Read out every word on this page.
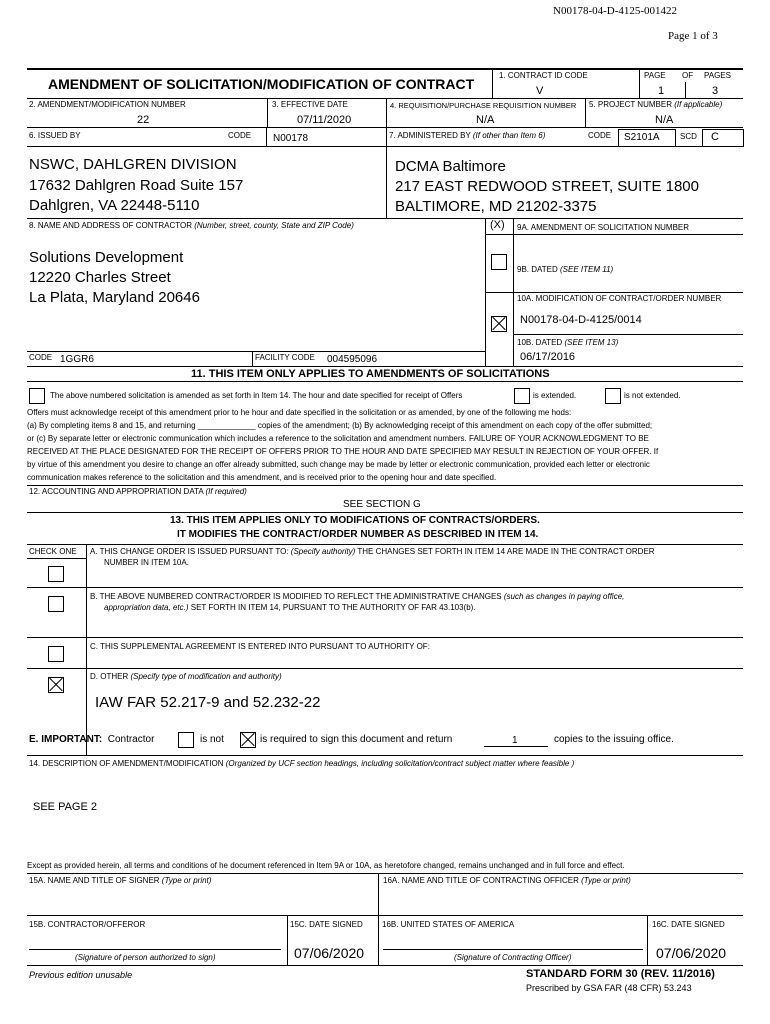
N00178-04-D-4125-001422
Page 1 of 3
AMENDMENT OF SOLICITATION/MODIFICATION OF CONTRACT
1. CONTRACT ID CODE
V
PAGE OF PAGES
1	3
2. AMENDMENT/MODIFICATION NUMBER
22
3. EFFECTIVE DATE
07/11/2020
4. REQUISITION/PURCHASE REQUISITION NUMBER
N/A
5. PROJECT NUMBER (If applicable)
N/A
6. ISSUED BY	CODE N00178	7. ADMINISTERED BY (If other than Item 6)	CODE S2101A	SCD C
NSWC, DAHLGREN DIVISION
17632 Dahlgren Road Suite 157
Dahlgren, VA 22448-5110
DCMA Baltimore
217 EAST REDWOOD STREET, SUITE 1800
BALTIMORE, MD 21202-3375
8. NAME AND ADDRESS OF CONTRACTOR (Number, street, county, State and ZIP Code)
Solutions Development
12220 Charles Street
La Plata, Maryland 20646
(X) 9A. AMENDMENT OF SOLICITATION NUMBER
9B. DATED (SEE ITEM 11)
10A. MODIFICATION OF CONTRACT/ORDER NUMBER
N00178-04-D-4125/0014
10B. DATED (SEE ITEM 13)
06/17/2016
CODE 1GGR6	FACILITY CODE 004595096
11. THIS ITEM ONLY APPLIES TO AMENDMENTS OF SOLICITATIONS
The above numbered solicitation is amended as set forth in Item 14. The hour and date specified for receipt of Offers	is extended.	is not extended.
Offers must acknowledge receipt of this amendment prior to he hour and date specified in the solicitation or as amended, by one of the following me hods:
(a) By completing items 8 and 15, and returning _____________ copies of the amendment; (b) By acknowledging receipt of this amendment on each copy of the offer submitted;
or (c) By separate letter or electronic communication which includes a reference to the solicitation and amendment numbers. FAILURE OF YOUR ACKNOWLEDGMENT TO BE
RECEIVED AT THE PLACE DESIGNATED FOR THE RECEIPT OF OFFERS PRIOR TO THE HOUR AND DATE SPECIFIED MAY RESULT IN REJECTION OF YOUR OFFER. If
by virtue of this amendment you desire to change an offer already submitted, such change may be made by letter or electronic communication, provided each letter or electronic
communication makes reference to the solicitation and this amendment, and is received prior to the opening hour and date specified.
12. ACCOUNTING AND APPROPRIATION DATA (If required)
SEE SECTION G
13. THIS ITEM APPLIES ONLY TO MODIFICATIONS OF CONTRACTS/ORDERS.
IT MODIFIES THE CONTRACT/ORDER NUMBER AS DESCRIBED IN ITEM 14.
CHECK ONE A. THIS CHANGE ORDER IS ISSUED PURSUANT TO: (Specify authority) THE CHANGES SET FORTH IN ITEM 14 ARE MADE IN THE CONTRACT ORDER
NUMBER IN ITEM 10A.
B. THE ABOVE NUMBERED CONTRACT/ORDER IS MODIFIED TO REFLECT THE ADMINISTRATIVE CHANGES (such as changes in paying office,
appropriation data, etc.) SET FORTH IN ITEM 14, PURSUANT TO THE AUTHORITY OF FAR 43.103(b).
C. THIS SUPPLEMENTAL AGREEMENT IS ENTERED INTO PURSUANT TO AUTHORITY OF:
D. OTHER (Specify type of modification and authority)
IAW FAR 52.217-9 and 52.232-22
E. IMPORTANT: Contractor	is not	is required to sign this document and return	1	copies to the issuing office.
14. DESCRIPTION OF AMENDMENT/MODIFICATION (Organized by UCF section headings, including solicitation/contract subject matter where feasible )
SEE PAGE 2
Except as provided herein, all terms and conditions of he document referenced in Item 9A or 10A, as heretofore changed, remains unchanged and in full force and effect.
15A. NAME AND TITLE OF SIGNER (Type or print)	16A. NAME AND TITLE OF CONTRACTING OFFICER (Type or print)
15B. CONTRACTOR/OFFEROR	15C. DATE SIGNED 16B. UNITED STATES OF AMERICA	16C. DATE SIGNED
(Signature of person authorized to sign)	(Signature of Contracting Officer)
07/06/2020	07/06/2020
Previous edition unusable	STANDARD FORM 30 (REV. 11/2016)
Prescribed by GSA FAR (48 CFR) 53.243
